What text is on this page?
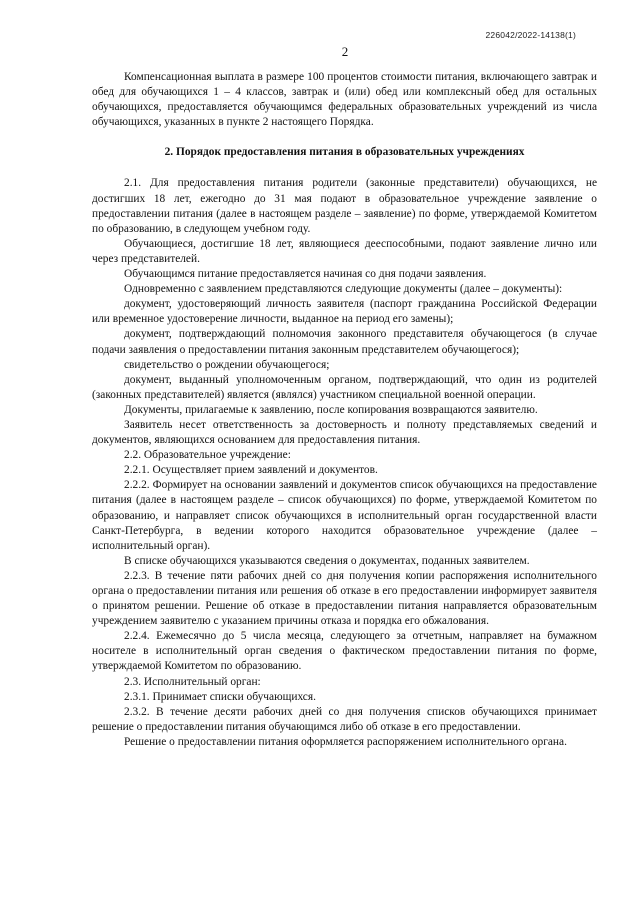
226042/2022-14138(1)
2

Компенсационная выплата в размере 100 процентов стоимости питания, включающего завтрак и обед для обучающихся 1 – 4 классов, завтрак и (или) обед или комплексный обед для остальных обучающихся, предоставляется обучающимся федеральных образовательных учреждений из числа обучающихся, указанных в пункте 2 настоящего Порядка.

2. Порядок предоставления питания в образовательных учреждениях

2.1. Для предоставления питания родители (законные представители) обучающихся, не достигших 18 лет, ежегодно до 31 мая подают в образовательное учреждение заявление о предоставлении питания (далее в настоящем разделе – заявление) по форме, утверждаемой Комитетом по образованию, в следующем учебном году.

Обучающиеся, достигшие 18 лет, являющиеся дееспособными, подают заявление лично или через представителей.

Обучающимся питание предоставляется начиная со дня подачи заявления.

Одновременно с заявлением представляются следующие документы (далее – документы):

документ, удостоверяющий личность заявителя (паспорт гражданина Российской Федерации или временное удостоверение личности, выданное на период его замены);

документ, подтверждающий полномочия законного представителя обучающегося (в случае подачи заявления о предоставлении питания законным представителем обучающегося);

свидетельство о рождении обучающегося;

документ, выданный уполномоченным органом, подтверждающий, что один из родителей (законных представителей) является (являлся) участником специальной военной операции.

Документы, прилагаемые к заявлению, после копирования возвращаются заявителю.

Заявитель несет ответственность за достоверность и полноту представляемых сведений и документов, являющихся основанием для предоставления питания.

2.2. Образовательное учреждение:

2.2.1. Осуществляет прием заявлений и документов.

2.2.2. Формирует на основании заявлений и документов список обучающихся на предоставление питания (далее в настоящем разделе – список обучающихся) по форме, утверждаемой Комитетом по образованию, и направляет список обучающихся в исполнительный орган государственной власти Санкт-Петербурга, в ведении которого находится образовательное учреждение (далее – исполнительный орган).

В списке обучающихся указываются сведения о документах, поданных заявителем.

2.2.3. В течение пяти рабочих дней со дня получения копии распоряжения исполнительного органа о предоставлении питания или решения об отказе в его предоставлении информирует заявителя о принятом решении. Решение об отказе в предоставлении питания направляется образовательным учреждением заявителю с указанием причины отказа и порядка его обжалования.

2.2.4. Ежемесячно до 5 числа месяца, следующего за отчетным, направляет на бумажном носителе в исполнительный орган сведения о фактическом предоставлении питания по форме, утверждаемой Комитетом по образованию.

2.3. Исполнительный орган:

2.3.1. Принимает списки обучающихся.

2.3.2. В течение десяти рабочих дней со дня получения списков обучающихся принимает решение о предоставлении питания обучающимся либо об отказе в его предоставлении.

Решение о предоставлении питания оформляется распоряжением исполнительного органа.
